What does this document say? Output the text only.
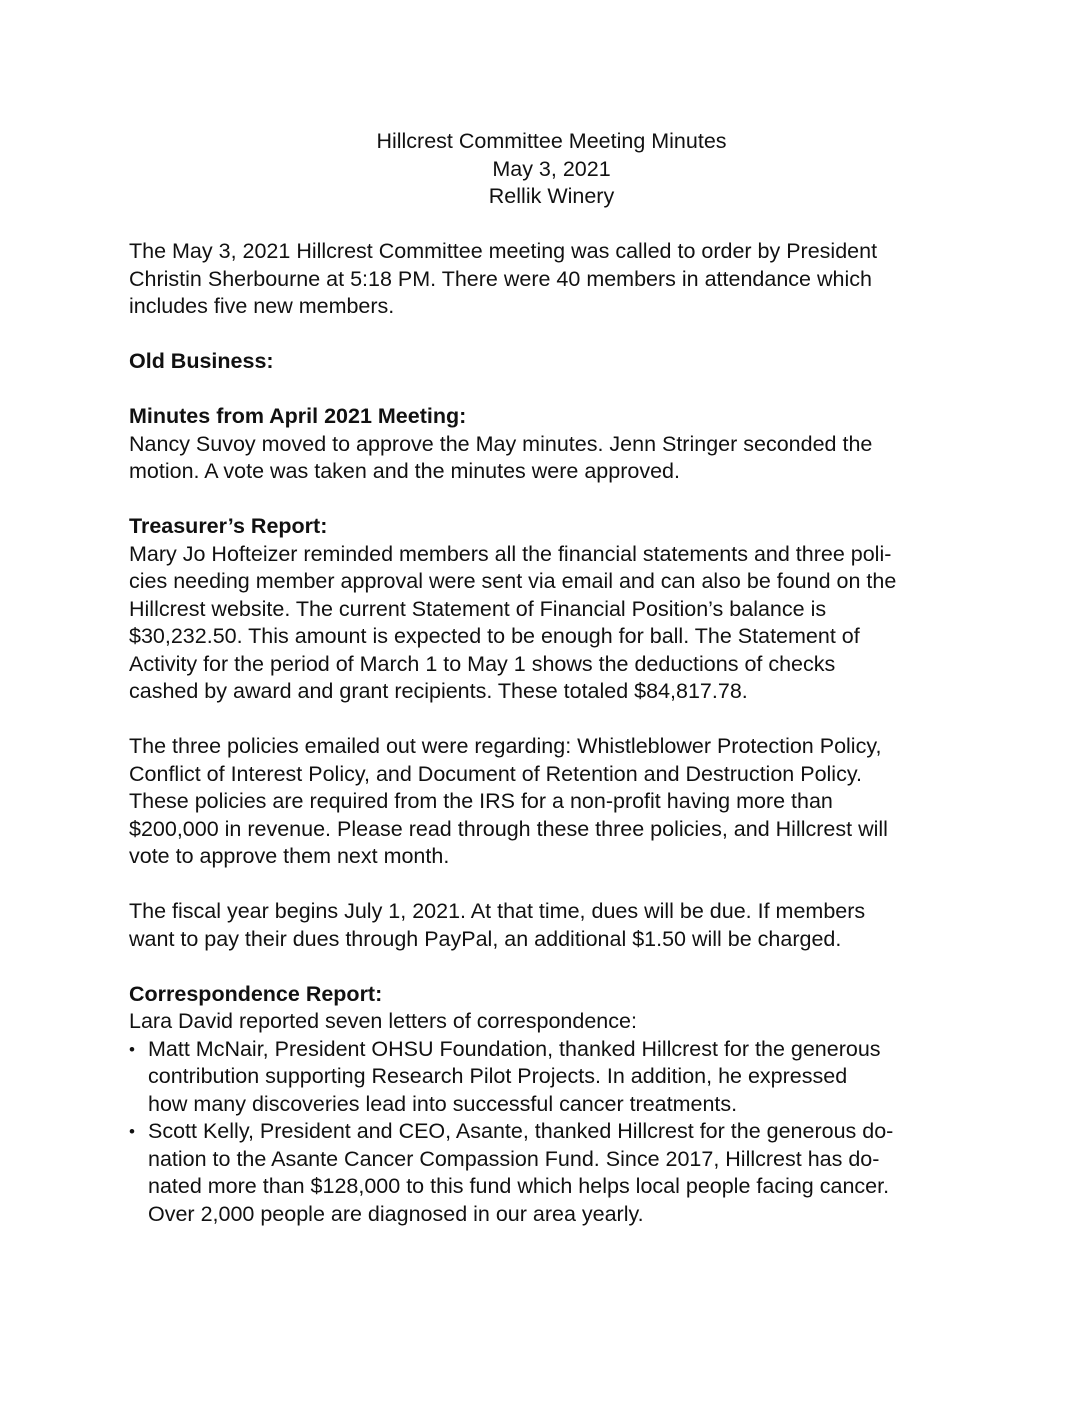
Hillcrest Committee Meeting Minutes
May 3, 2021
Rellik Winery

The May 3, 2021 Hillcrest Committee meeting was called to order by President
Christin Sherbourne at 5:18 PM. There were 40 members in attendance which
includes five new members.

Old Business:

Minutes from April 2021 Meeting:

Nancy Suvoy moved to approve the May minutes. Jenn Stringer seconded the
motion. A vote was taken and the minutes were approved.

Treasurer’s Report:

Mary Jo Hofteizer reminded members all the financial statements and three poli-
cies needing member approval were sent via email and can also be found on the
Hillcrest website. The current Statement of Financial Position’s balance is
$30,232.50. This amount is expected to be enough for ball. The Statement of
Activity for the period of March 1 to May 1 shows the deductions of checks
cashed by award and grant recipients. These totaled $84,817.78.

The three policies emailed out were regarding: Whistleblower Protection Policy,
Conflict of Interest Policy, and Document of Retention and Destruction Policy.
These policies are required from the IRS for a non-profit having more than
$200,000 in revenue. Please read through these three policies, and Hillcrest will
vote to approve them next month.

The fiscal year begins July 1, 2021. At that time, dues will be due. If members
want to pay their dues through PayPal, an additional $1.50 will be charged.

Correspondence Report:

Lara David reported seven letters of correspondence:

• Matt McNair, President OHSU Foundation, thanked Hillcrest for the generous
contribution supporting Research Pilot Projects. In addition, he expressed
how many discoveries lead into successful cancer treatments.
• Scott Kelly, President and CEO, Asante, thanked Hillcrest for the generous do-
nation to the Asante Cancer Compassion Fund. Since 2017, Hillcrest has do-
nated more than $128,000 to this fund which helps local people facing cancer.
Over 2,000 people are diagnosed in our area yearly.
